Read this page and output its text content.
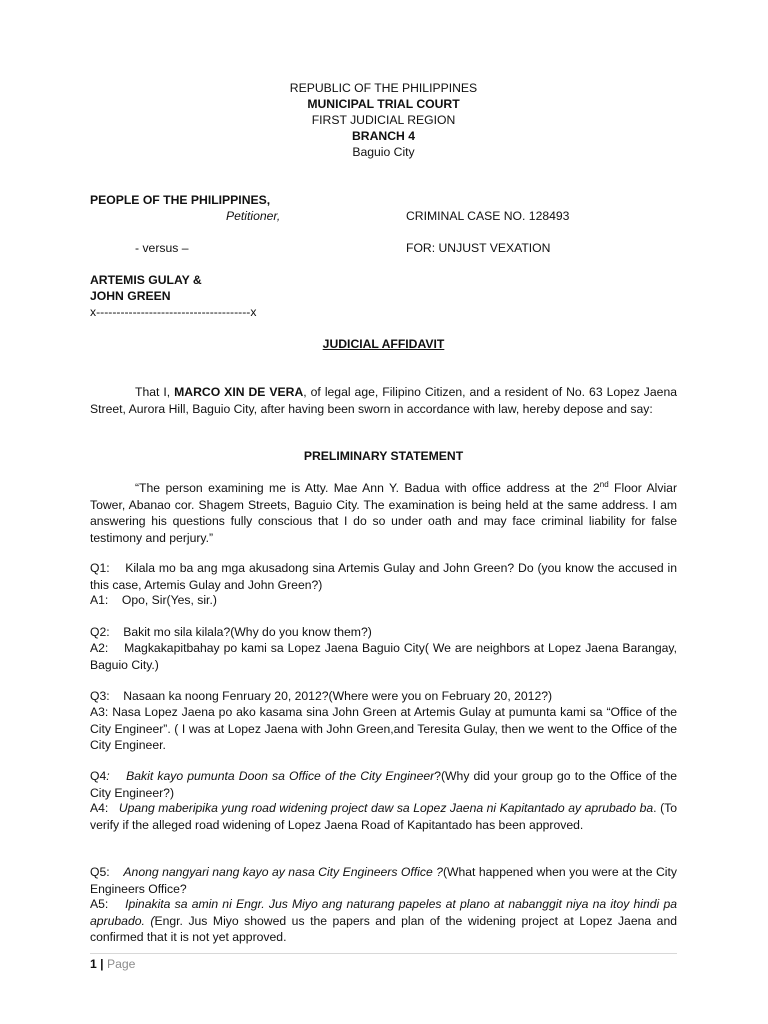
REPUBLIC OF THE PHILIPPINES
MUNICIPAL TRIAL COURT
FIRST JUDICIAL REGION
BRANCH 4
Baguio City
PEOPLE OF THE PHILIPPINES,
Petitioner,	CRIMINAL CASE NO. 128493
- versus –	FOR: UNJUST VEXATION
ARTEMIS GULAY &
JOHN GREEN
x--------------------------------------x
JUDICIAL AFFIDAVIT
That I, MARCO XIN DE VERA, of legal age, Filipino Citizen, and a resident of No. 63 Lopez Jaena Street, Aurora Hill, Baguio City, after having been sworn in accordance with law, hereby depose and say:
PRELIMINARY STATEMENT
“The person examining me is Atty. Mae Ann Y. Badua with office address at the 2nd Floor Alviar Tower, Abanao cor. Shagem Streets, Baguio City. The examination is being held at the same address. I am answering his questions fully conscious that I do so under oath and may face criminal liability for false testimony and perjury.”
Q1: Kilala mo ba ang mga akusadong sina Artemis Gulay and John Green? Do (you know the accused in this case, Artemis Gulay and John Green?)
A1: Opo, Sir(Yes, sir.)
Q2: Bakit mo sila kilala?(Why do you know them?)
A2: Magkakapitbahay po kami sa Lopez Jaena Baguio City( We are neighbors at Lopez Jaena Barangay, Baguio City.)
Q3: Nasaan ka noong Fenruary 20, 2012?(Where were you on February 20, 2012?)
A3: Nasa Lopez Jaena po ako kasama sina John Green at Artemis Gulay at pumunta kami sa “Office of the City Engineer”. ( I was at Lopez Jaena with John Green,and Teresita Gulay, then we went to the Office of the City Engineer.
Q4: Bakit kayo pumunta Doon sa Office of the City Engineer?(Why did your group go to the Office of the City Engineer?)
A4: Upang maberipika yung road widening project daw sa Lopez Jaena ni Kapitantado ay aprubado ba. (To verify if the alleged road widening of Lopez Jaena Road of Kapitantado has been approved.
Q5: Anong nangyari nang kayo ay nasa City Engineers Office ?(What happened when you were at the City Engineers Office?
A5: Ipinakita sa amin ni Engr. Jus Miyo ang naturang papeles at plano at nabanggit niya na itoy hindi pa aprubado. (Engr. Jus Miyo showed us the papers and plan of the widening project at Lopez Jaena and confirmed that it is not yet approved.
1 | Page
